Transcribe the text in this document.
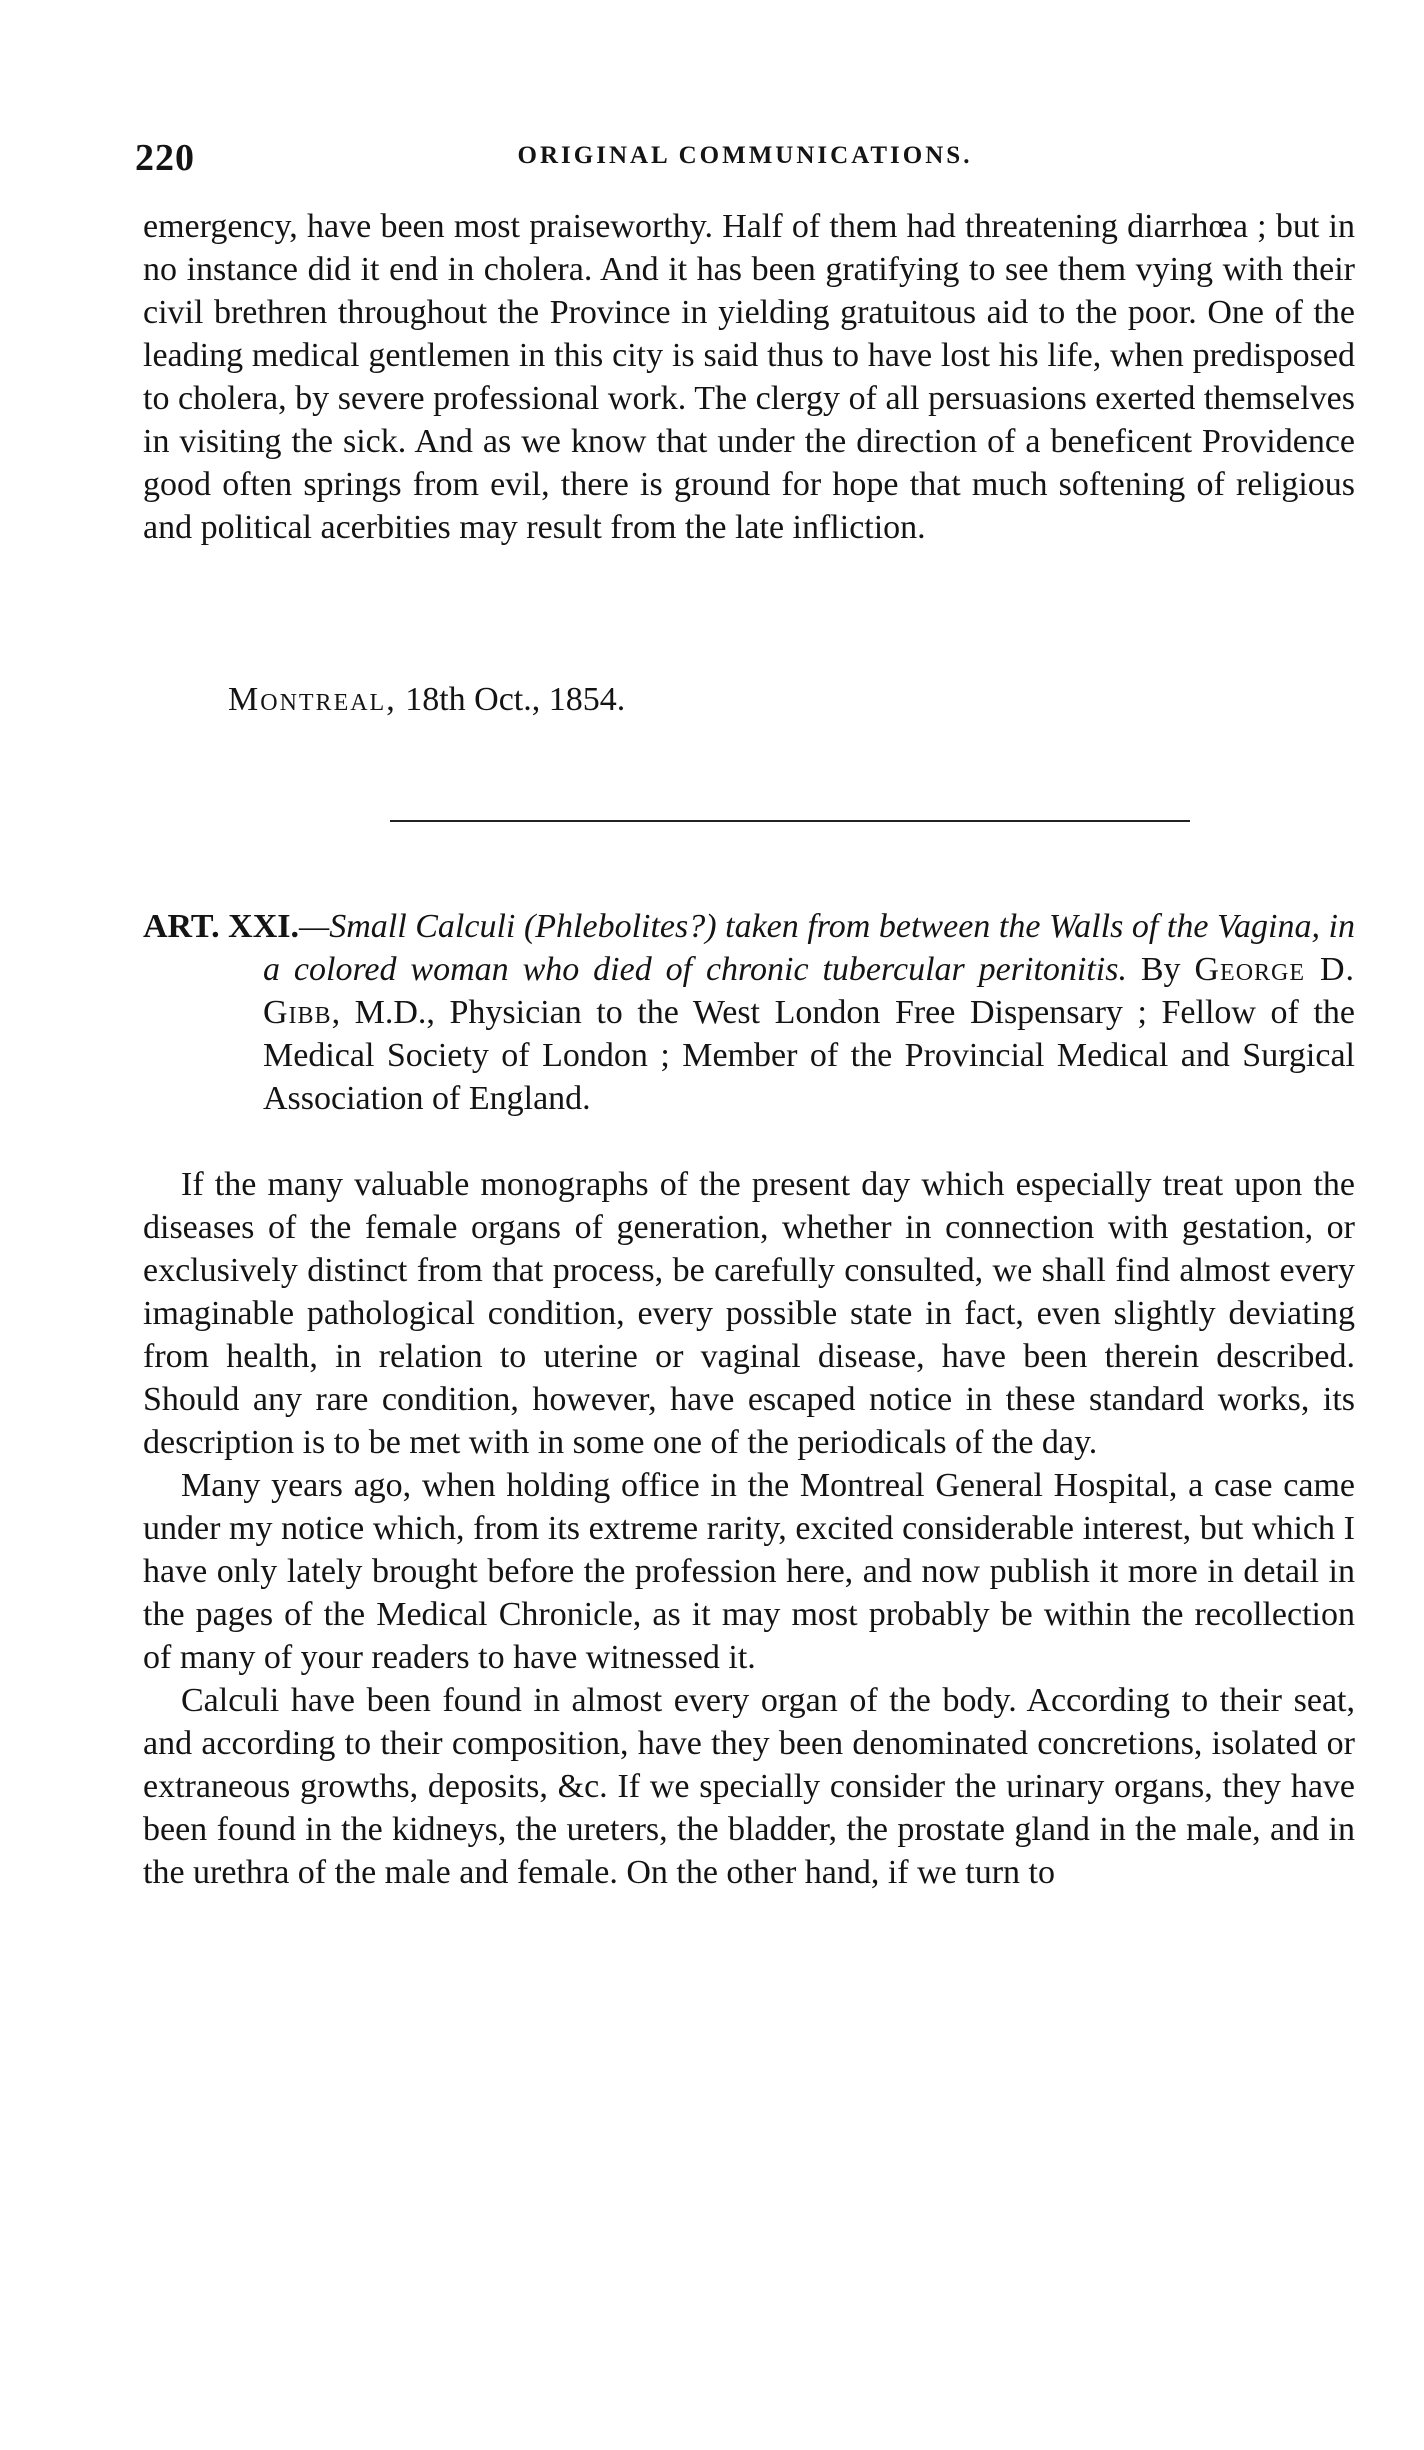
220	ORIGINAL COMMUNICATIONS.

emergency, have been most praiseworthy. Half of them had threatening diarrhœa ; but in no instance did it end in cholera. And it has been gratifying to see them vying with their civil brethren throughout the Province in yielding gratuitous aid to the poor. One of the leading medical gentlemen in this city is said thus to have lost his life, when predisposed to cholera, by severe professional work. The clergy of all persuasions exerted themselves in visiting the sick. And as we know that under the direction of a beneficent Providence good often springs from evil, there is ground for hope that much softening of religious and political acerbities may result from the late infliction.

Montreal, 18th Oct., 1854.
ART. XXI.—Small Calculi (Phlebolites?) taken from between the Walls of the Vagina, in a colored woman who died of chronic tubercular peritonitis. By George D. Gibb, M.D., Physician to the West London Free Dispensary ; Fellow of the Medical Society of London ; Member of the Provincial Medical and Surgical Association of England.

If the many valuable monographs of the present day which especially treat upon the diseases of the female organs of generation, whether in connection with gestation, or exclusively distinct from that process, be carefully consulted, we shall find almost every imaginable pathological condition, every possible state in fact, even slightly deviating from health, in relation to uterine or vaginal disease, have been therein described. Should any rare condition, however, have escaped notice in these standard works, its description is to be met with in some one of the periodicals of the day.

Many years ago, when holding office in the Montreal General Hospital, a case came under my notice which, from its extreme rarity, excited considerable interest, but which I have only lately brought before the profession here, and now publish it more in detail in the pages of the Medical Chronicle, as it may most probably be within the recollection of many of your readers to have witnessed it.

Calculi have been found in almost every organ of the body. According to their seat, and according to their composition, have they been denominated concretions, isolated or extraneous growths, deposits, &c. If we specially consider the urinary organs, they have been found in the kidneys, the ureters, the bladder, the prostate gland in the male, and in the urethra of the male and female. On the other hand, if we turn to
